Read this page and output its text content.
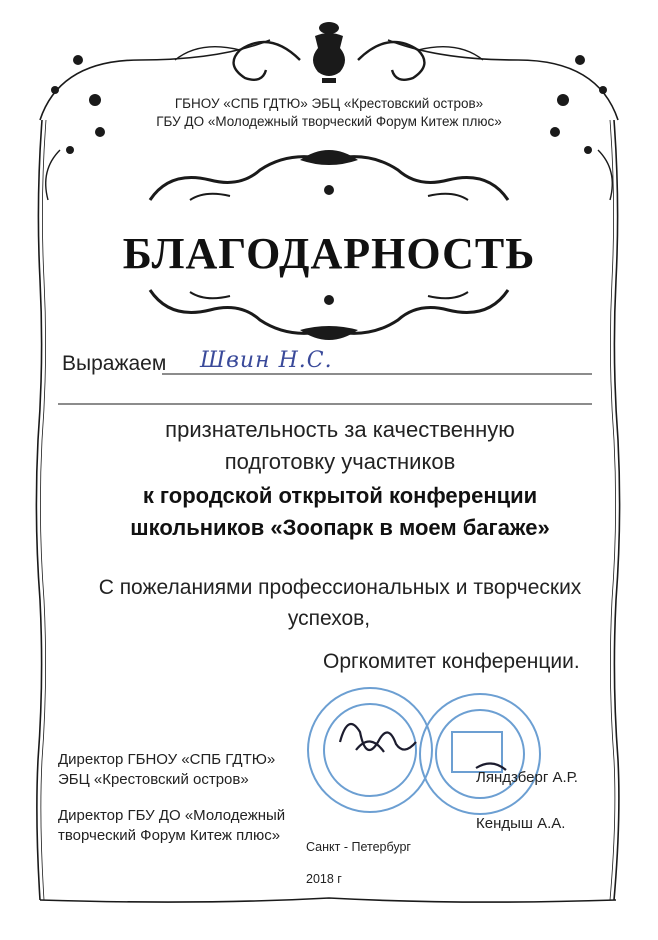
ГБНОУ «СПБ ГДТЮ» ЭБЦ «Крестовский остров»
ГБУ ДО «Молодежный творческий Форум Китеж плюс»
БЛАГОДАРНОСТЬ
Выражаем Швин Н.С.
признательность за качественную
подготовку участников
к городской открытой конференции
школьников «Зоопарк в моем багаже»
С пожеланиями профессиональных и творческих
успехов,
Оргкомитет конференции.
Директор ГБНОУ «СПБ ГДТЮ»
ЭБЦ «Крестовский остров»	Ляндзберг А.Р.
Директор ГБУ ДО «Молодежный
творческий Форум Китеж плюс»
Кендыш А.А.
Санкт - Петербург
2018 г
